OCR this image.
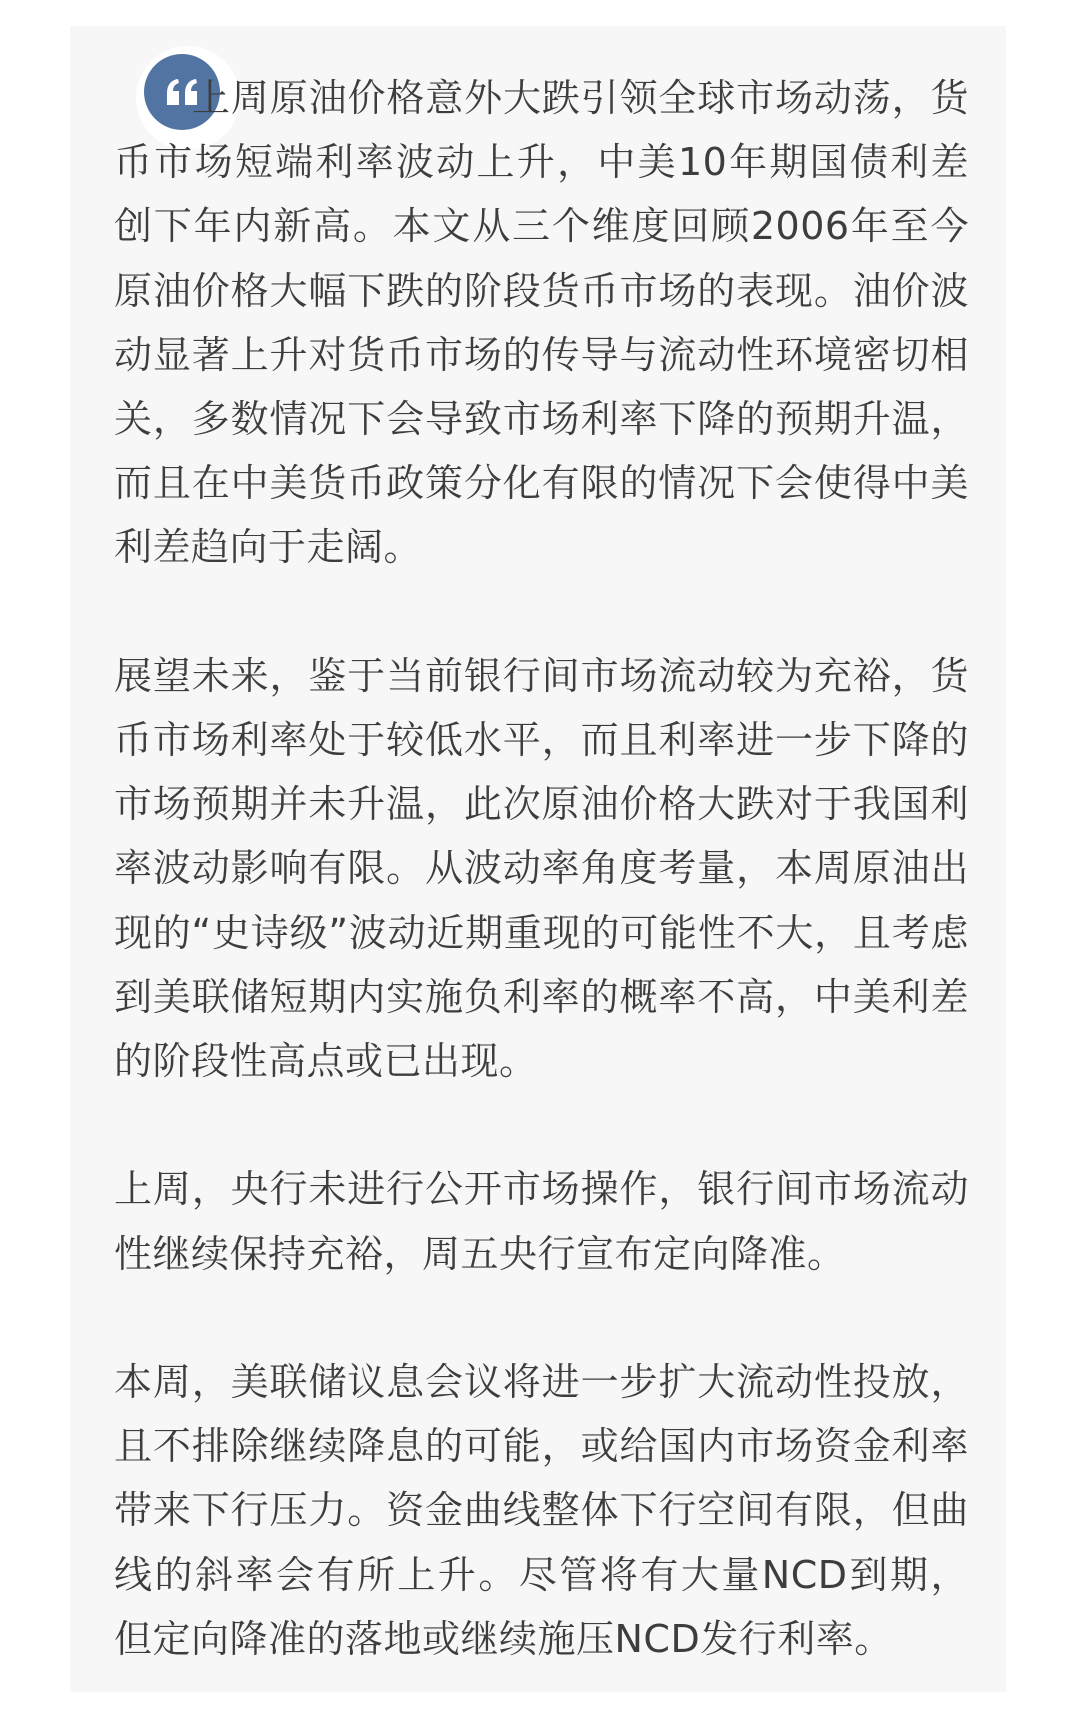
上周原油价格意外大跌引领全球市场动荡，货币市场短端利率波动上升，中美10年期国债利差创下年内新高。本文从三个维度回顾2006年至今原油价格大幅下跌的阶段货币市场的表现。油价波动显著上升对货币市场的传导与流动性环境密切相关，多数情况下会导致市场利率下降的预期升温，而且在中美货币政策分化有限的情况下会使得中美利差趋向于走阔。

展望未来，鉴于当前银行间市场流动较为充裕，货币市场利率处于较低水平，而且利率进一步下降的市场预期并未升温，此次原油价格大跌对于我国利率波动影响有限。从波动率角度考量，本周原油出现的“史诗级”波动近期重现的可能性不大，且考虑到美联储短期内实施负利率的概率不高，中美利差的阶段性高点或已出现。

上周，央行未进行公开市场操作，银行间市场流动性继续保持充裕，周五央行宣布定向降准。

本周，美联储议息会议将进一步扩大流动性投放，且不排除继续降息的可能，或给国内市场资金利率带来下行压力。资金曲线整体下行空间有限，但曲线的斜率会有所上升。尽管将有大量NCD到期，但定向降准的落地或继续施压NCD发行利率。
